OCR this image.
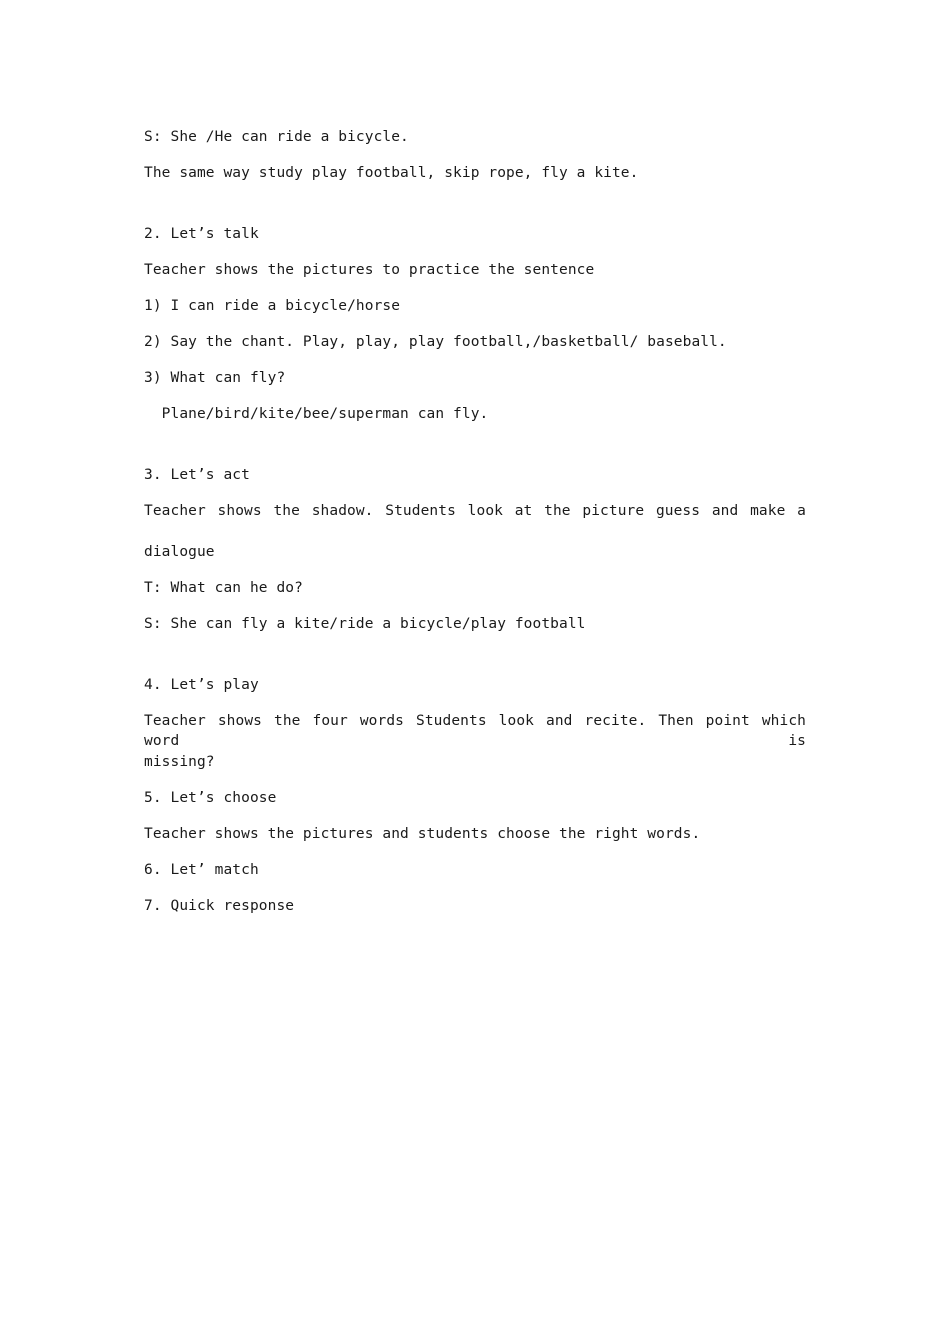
S: She /He can ride a bicycle.
The same way study play football, skip rope, fly a kite.
2. Let’s talk
Teacher shows the pictures to practice the sentence
1) I can ride a bicycle/horse
2) Say the chant. Play, play, play football,/basketball/ baseball.
3) What can fly?
Plane/bird/kite/bee/superman can fly.
3. Let’s act
Teacher shows the shadow. Students look at the picture guess and make a
dialogue
T: What can he do?
S: She can fly a kite/ride a bicycle/play football
4. Let’s play
Teacher shows the four words Students look and recite. Then point which word is
missing?
5. Let’s choose
Teacher shows the pictures and students choose the right words.
6. Let’ match
7. Quick response
